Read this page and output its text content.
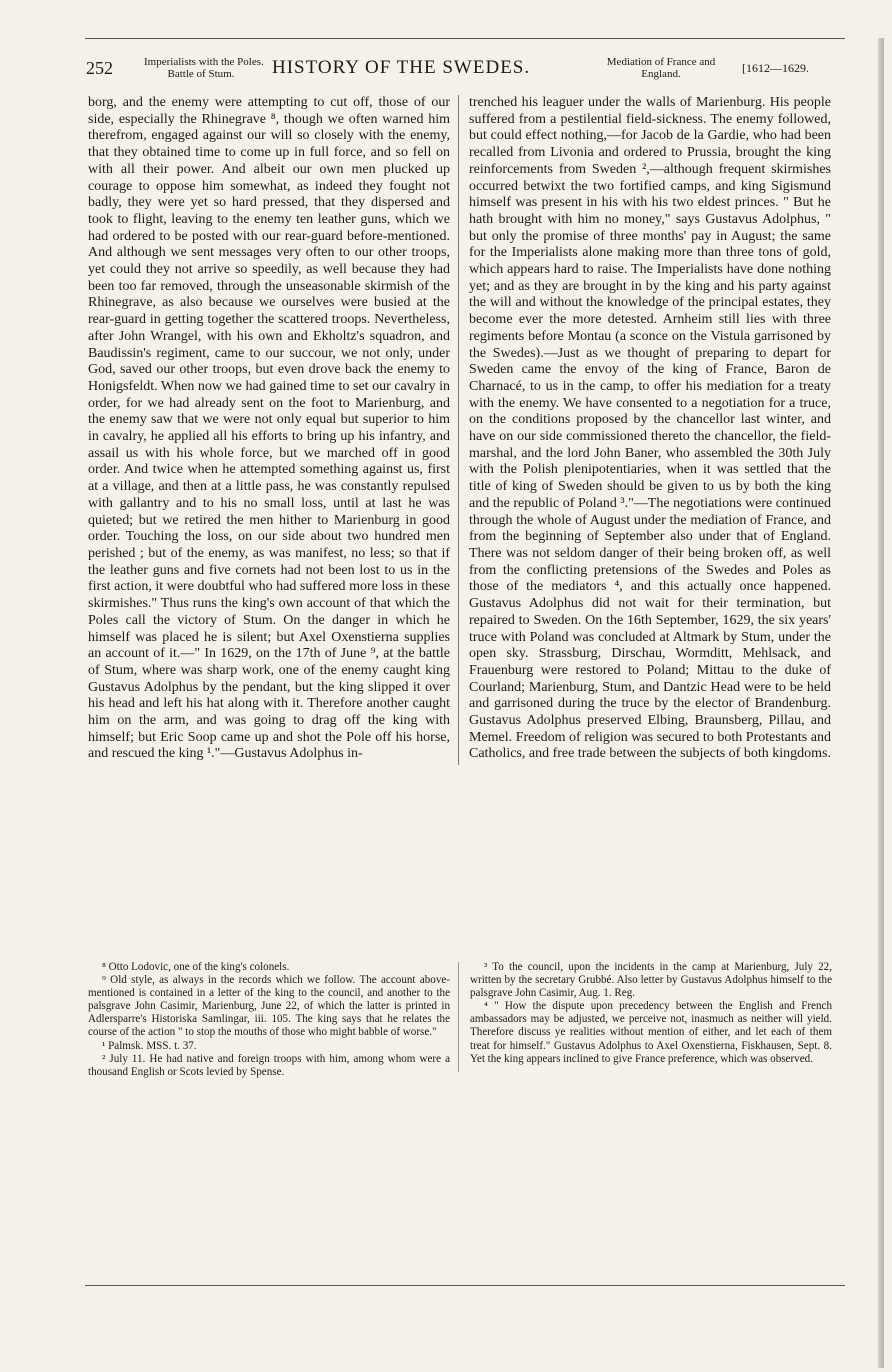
252	Imperialists with the Poles.
Battle of Stum.	HISTORY OF THE SWEDES.	Mediation of France and
England.	[1612—1629.

borg, and the enemy were attempting to cut off, those of our side, especially the Rhinegrave ⁸, though we often warned him therefrom, engaged against our will so closely with the enemy, that they obtained time to come up in full force, and so fell on with all their power. And albeit our own men plucked up courage to oppose him somewhat, as indeed they fought not badly, they were yet so hard pressed, that they dispersed and took to flight, leaving to the enemy ten leather guns, which we had ordered to be posted with our rear-guard before-mentioned. And although we sent messages very often to our other troops, yet could they not arrive so speedily, as well because they had been too far removed, through the unseasonable skirmish of the Rhinegrave, as also because we ourselves were busied at the rear-guard in getting together the scattered troops. Nevertheless, after John Wrangel, with his own and Ekholtz's squadron, and Baudissin's regiment, came to our succour, we not only, under God, saved our other troops, but even drove back the enemy to Honigsfeldt. When now we had gained time to set our cavalry in order, for we had already sent on the foot to Marienburg, and the enemy saw that we were not only equal but superior to him in cavalry, he applied all his efforts to bring up his infantry, and assail us with his whole force, but we marched off in good order. And twice when he attempted something against us, first at a village, and then at a little pass, he was constantly repulsed with gallantry and to his no small loss, until at last he was quieted; but we retired the men hither to Marienburg in good order. Touching the loss, on our side about two hundred men perished ; but of the enemy, as was manifest, no less; so that if the leather guns and five cornets had not been lost to us in the first action, it were doubtful who had suffered more loss in these skirmishes." Thus runs the king's own account of that which the Poles call the victory of Stum. On the danger in which he himself was placed he is silent; but Axel Oxenstierna supplies an account of it.—" In 1629, on the 17th of June ⁹, at the battle of Stum, where was sharp work, one of the enemy caught king Gustavus Adolphus by the pendant, but the king slipped it over his head and left his hat along with it. Therefore another caught him on the arm, and was going to drag off the king with himself; but Eric Soop came up and shot the Pole off his horse, and rescued the king ¹."—Gustavus Adolphus in-

trenched his leaguer under the walls of Marienburg. His people suffered from a pestilential field-sickness. The enemy followed, but could effect nothing,—for Jacob de la Gardie, who had been recalled from Livonia and ordered to Prussia, brought the king reinforcements from Sweden ²,—although frequent skirmishes occurred betwixt the two fortified camps, and king Sigismund himself was present in his with his two eldest princes. " But he hath brought with him no money," says Gustavus Adolphus, " but only the promise of three months' pay in August; the same for the Imperialists alone making more than three tons of gold, which appears hard to raise. The Imperialists have done nothing yet; and as they are brought in by the king and his party against the will and without the knowledge of the principal estates, they become ever the more detested. Arnheim still lies with three regiments before Montau (a sconce on the Vistula garrisoned by the Swedes).—Just as we thought of preparing to depart for Sweden came the envoy of the king of France, Baron de Charnacé, to us in the camp, to offer his mediation for a treaty with the enemy. We have consented to a negotiation for a truce, on the conditions proposed by the chancellor last winter, and have on our side commissioned thereto the chancellor, the field-marshal, and the lord John Baner, who assembled the 30th July with the Polish plenipotentiaries, when it was settled that the title of king of Sweden should be given to us by both the king and the republic of Poland ³."—The negotiations were continued through the whole of August under the mediation of France, and from the beginning of September also under that of England. There was not seldom danger of their being broken off, as well from the conflicting pretensions of the Swedes and Poles as those of the mediators ⁴, and this actually once happened. Gustavus Adolphus did not wait for their termination, but repaired to Sweden. On the 16th September, 1629, the six years' truce with Poland was concluded at Altmark by Stum, under the open sky. Strassburg, Dirschau, Wormditt, Mehlsack, and Frauenburg were restored to Poland; Mittau to the duke of Courland; Marienburg, Stum, and Dantzic Head were to be held and garrisoned during the truce by the elector of Brandenburg. Gustavus Adolphus preserved Elbing, Braunsberg, Pillau, and Memel. Freedom of religion was secured to both Protestants and Catholics, and free trade between the subjects of both kingdoms.

⁸ Otto Lodovic, one of the king's colonels.

⁹ Old style, as always in the records which we follow. The account above-mentioned is contained in a letter of the king to the council, and another to the palsgrave John Casimir, Marienburg, June 22, of which the latter is printed in Adlersparre's Historiska Samlingar, iii. 105. The king says that he relates the course of the action " to stop the mouths of those who might babble of worse."

¹ Palmsk. MSS. t. 37.

² July 11. He had native and foreign troops with him, among whom were a thousand English or Scots levied by Spense.

³ To the council, upon the incidents in the camp at Marienburg, July 22, written by the secretary Grubbé. Also letter by Gustavus Adolphus himself to the palsgrave John Casimir, Aug. 1. Reg.

⁴ " How the dispute upon precedency between the English and French ambassadors may be adjusted, we perceive not, inasmuch as neither will yield. Therefore discuss ye realities without mention of either, and let each of them treat for himself." Gustavus Adolphus to Axel Oxenstierna, Fiskhausen, Sept. 8. Yet the king appears inclined to give France preference, which was observed.
